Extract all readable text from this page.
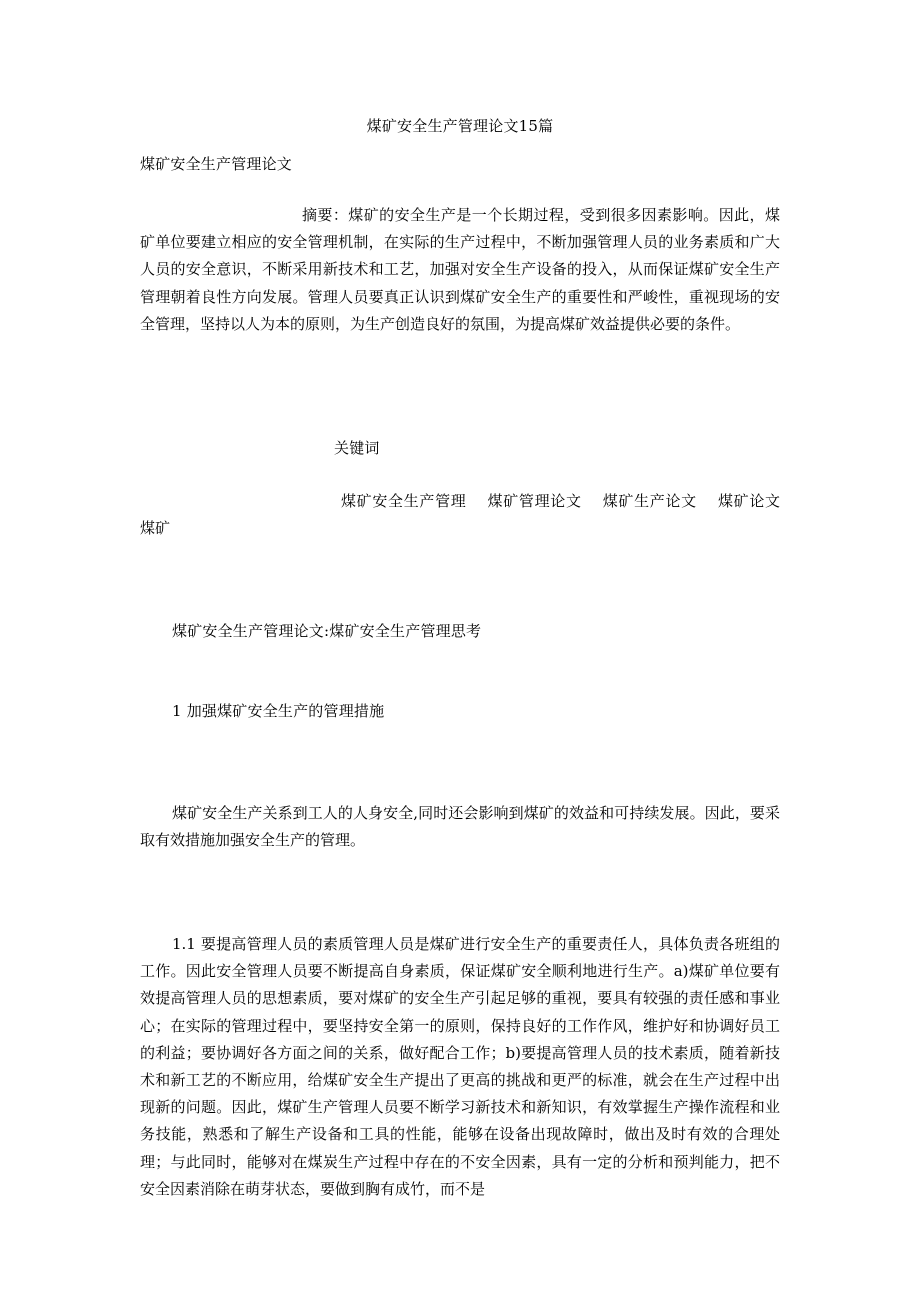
煤矿安全生产管理论文15篇
煤矿安全生产管理论文
摘要：煤矿的安全生产是一个长期过程，受到很多因素影响。因此，煤矿单位要建立相应的安全管理机制，在实际的生产过程中，不断加强管理人员的业务素质和广大人员的安全意识，不断采用新技术和工艺，加强对安全生产设备的投入，从而保证煤矿安全生产管理朝着良性方向发展。管理人员要真正认识到煤矿安全生产的重要性和严峻性，重视现场的安全管理，坚持以人为本的原则，为生产创造良好的氛围，为提高煤矿效益提供必要的条件。
关键词
煤矿安全生产管理　 煤矿管理论文　 煤矿生产论文　 煤矿论文　 煤矿
煤矿安全生产管理论文:煤矿安全生产管理思考
1 加强煤矿安全生产的管理措施
煤矿安全生产关系到工人的人身安全,同时还会影响到煤矿的效益和可持续发展。因此，要采取有效措施加强安全生产的管理。
1.1 要提高管理人员的素质管理人员是煤矿进行安全生产的重要责任人，具体负责各班组的工作。因此安全管理人员要不断提高自身素质，保证煤矿安全顺利地进行生产。a)煤矿单位要有效提高管理人员的思想素质，要对煤矿的安全生产引起足够的重视，要具有较强的责任感和事业心；在实际的管理过程中，要坚持安全第一的原则，保持良好的工作作风，维护好和协调好员工的利益；要协调好各方面之间的关系，做好配合工作；b)要提高管理人员的技术素质，随着新技术和新工艺的不断应用，给煤矿安全生产提出了更高的挑战和更严的标准，就会在生产过程中出现新的问题。因此，煤矿生产管理人员要不断学习新技术和新知识，有效掌握生产操作流程和业务技能，熟悉和了解生产设备和工具的性能，能够在设备出现故障时，做出及时有效的合理处理；与此同时，能够对在煤炭生产过程中存在的不安全因素，具有一定的分析和预判能力，把不安全因素消除在萌芽状态，要做到胸有成竹，而不是
